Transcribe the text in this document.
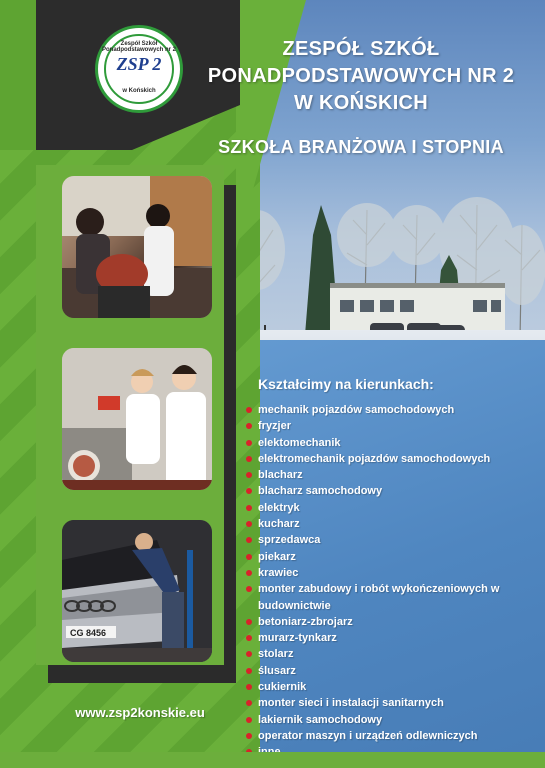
Zespół Szkół Ponadpodstawowych nr 2
ZSP 2
w Końskich
ZESPÓŁ SZKÓŁ
PONADPODSTAWOWYCH NR 2
W KOŃSKICH
SZKOŁA BRANŻOWA I STOPNIA
CG 8456
Kształcimy na kierunkach:
mechanik pojazdów samochodowych
fryzjer
elektomechanik
elektromechanik pojazdów samochodowych
blacharz
blacharz samochodowy
elektryk
kucharz
sprzedawca
piekarz
krawiec
monter zabudowy i robót wykończeniowych w budownictwie
betoniarz-zbrojarz
murarz-tynkarz
stolarz
ślusarz
cukiernik
monter sieci i instalacji sanitarnych
lakiernik samochodowy
operator maszyn i urządzeń odlewniczych
www.zsp2konskie.eu
